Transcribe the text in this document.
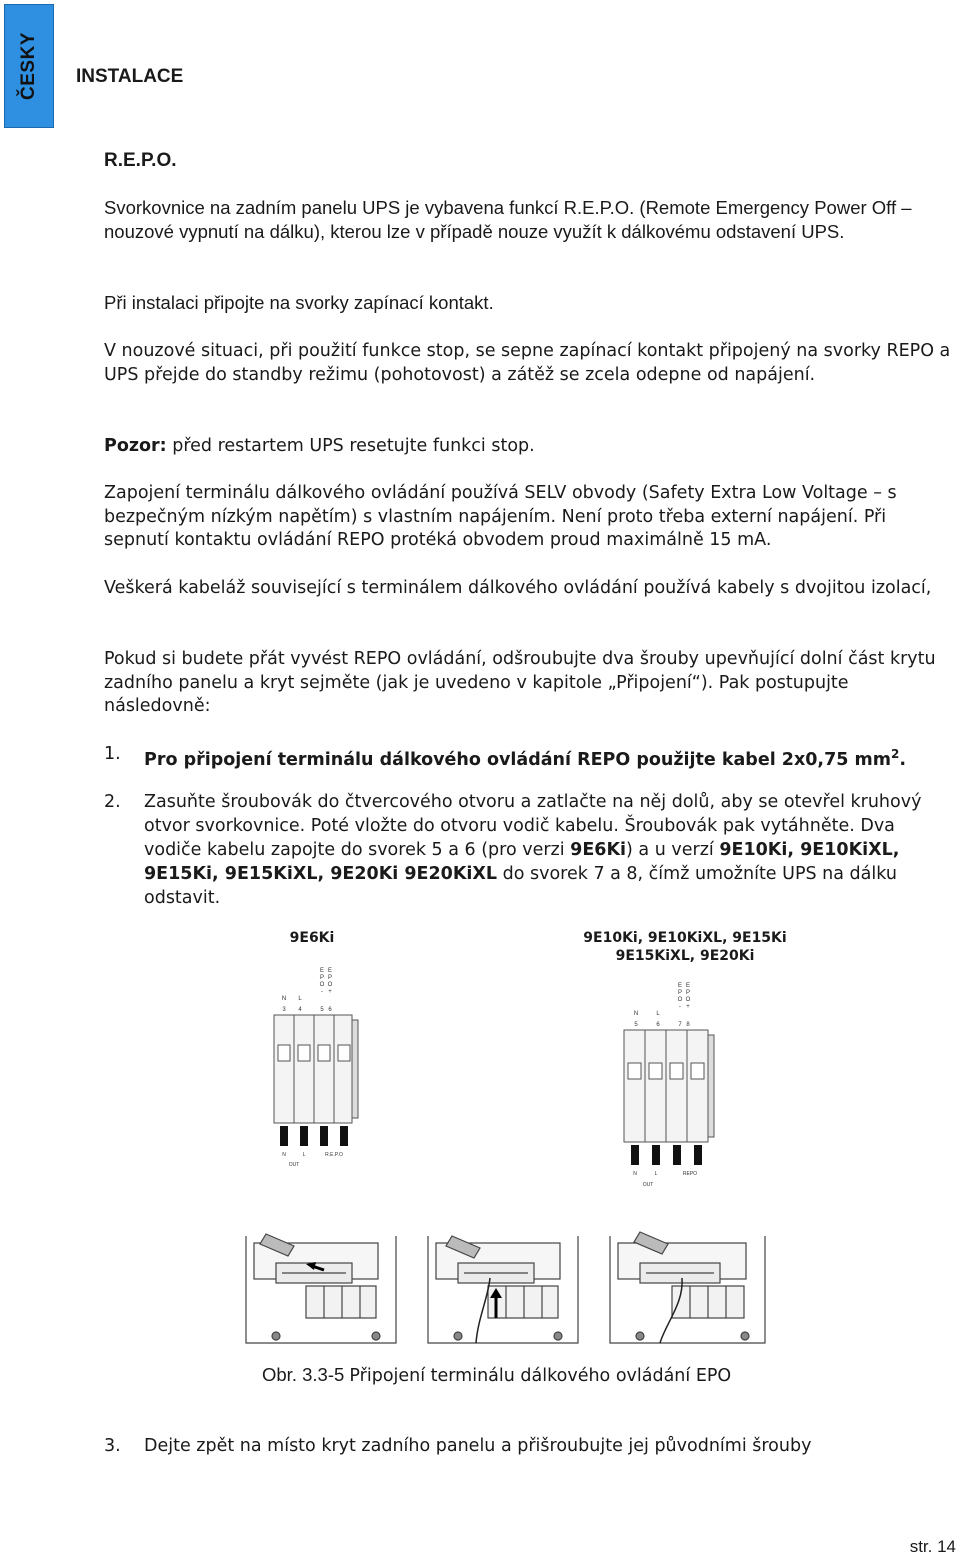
ČESKY INSTALACE
R.E.P.O.

Svorkovnice na zadním panelu UPS je vybavena funkcí R.E.P.O. (Remote Emergency Power Off – nouzové vypnutí na dálku), kterou lze v případě nouze využít k dálkovému odstavení UPS.

Při instalaci připojte na svorky zapínací kontakt.

V nouzové situaci, při použití funkce stop, se sepne zapínací kontakt připojený na svorky REPO a UPS přejde do standby režimu (pohotovost) a zátěž se zcela odepne od napájení.

Pozor: před restartem UPS resetujte funkci stop.

Zapojení terminálu dálkového ovládání používá SELV obvody (Safety Extra Low Voltage – s bezpečným nízkým napětím) s vlastním napájením. Není proto třeba externí napájení. Při sepnutí kontaktu ovládání REPO protéká obvodem proud maximálně 15 mA.

Veškerá kabeláž související s terminálem dálkového ovládání používá kabely s dvojitou izolací,

Pokud si budete přát vyvést REPO ovládání, odšroubujte dva šrouby upevňující dolní část krytu zadního panelu a kryt sejměte (jak je uvedeno v kapitole „Připojení“). Pak postupujte následovně:

1. Pro připojení terminálu dálkového ovládání REPO použijte kabel 2x0,75 $mm^2$.
2. Zasuňte šroubovák do čtvercového otvoru a zatlačte na něj dolů, aby se otevřel kruhový otvor svorkovnice. Poté vložte do otvoru vodič kabelu. Šroubovák pak vytáhněte. Dva vodiče kabelu zapojte do svorek 5 a 6 (pro verzi 9E6Ki) a u verzí 9E10Ki, 9E10KiXL, 9E15Ki, 9E15KiXL, 9E20Ki 9E20KiXL do svorek 7 a 8, čímž umožníte UPS na dálku odstavit.
9E6Ki	9E10Ki, 9E10KiXL, 9E15Ki
9E15KiXL, 9E20Ki
E E
P P
O O
- +
N L
3 4	5 6
N	L	R.E.P.O
OUT
E E
P P
O O
- +
N	L
5	6	7 8
N	L	REPO
OUT
Obr. 3.3-5 Připojení terminálu dálkového ovládání EPO
3. Dejte zpět na místo kryt zadního panelu a přišroubujte jej původními šrouby
str. 14
